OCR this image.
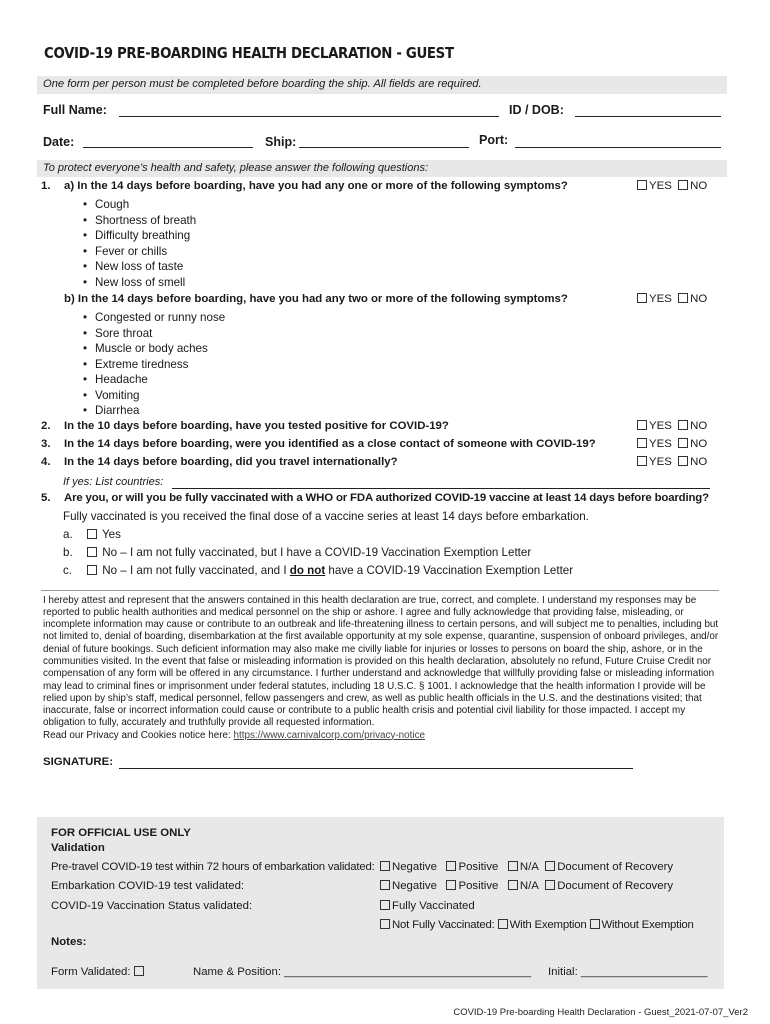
COVID-19 PRE-BOARDING HEALTH DECLARATION - GUEST
One form per person must be completed before boarding the ship. All fields are required.
Full Name:	ID / DOB:
Date:	Ship:	Port:
To protect everyone’s health and safety, please answer the following questions:
1. a) In the 14 days before boarding, have you had any one or more of the following symptoms?	YES NO
• Cough
• Shortness of breath
• Difficulty breathing
• Fever or chills
• New loss of taste
• New loss of smell
b) In the 14 days before boarding, have you had any two or more of the following symptoms?	YES NO
• Congested or runny nose
• Sore throat
• Muscle or body aches
• Extreme tiredness
• Headache
• Vomiting
• Diarrhea
2. In the 10 days before boarding, have you tested positive for COVID-19?	YES NO
3. In the 14 days before boarding, were you identified as a close contact of someone with COVID-19?	YES NO
4. In the 14 days before boarding, did you travel internationally?	YES NO
If yes: List countries:
5. Are you, or will you be fully vaccinated with a WHO or FDA authorized COVID-19 vaccine at least 14 days before boarding?
Fully vaccinated is you received the final dose of a vaccine series at least 14 days before embarkation.
a.	Yes
b.	No – I am not fully vaccinated, but I have a COVID-19 Vaccination Exemption Letter
c.	No – I am not fully vaccinated, and I do not have a COVID-19 Vaccination Exemption Letter
I hereby attest and represent that the answers contained in this health declaration are true, correct, and complete. I understand my responses may be reported to public health authorities and medical personnel on the ship or ashore. I agree and fully acknowledge that providing false, misleading, or incomplete information may cause or contribute to an outbreak and life-threatening illness to certain persons, and will subject me to penalties, including but not limited to, denial of boarding, disembarkation at the first available opportunity at my sole expense, quarantine, suspension of onboard privileges, and/or denial of future bookings. Such deficient information may also make me civilly liable for injuries or losses to persons on board the ship, ashore, or in the communities visited. In the event that false or misleading information is provided on this health declaration, absolutely no refund, Future Cruise Credit nor compensation of any form will be offered in any circumstance. I further understand and acknowledge that willfully providing false or misleading information may lead to criminal fines or imprisonment under federal statutes, including 18 U.S.C. § 1001. I acknowledge that the health information I provide will be relied upon by ship’s staff, medical personnel, fellow passengers and crew, as well as public health officials in the U.S. and the destinations visited; that inaccurate, false or incorrect information could cause or contribute to a public health crisis and potential civil liability for those impacted. I accept my obligation to fully, accurately and truthfully provide all requested information.
Read our Privacy and Cookies notice here: https://www.carnivalcorp.com/privacy-notice
SIGNATURE:
FOR OFFICIAL USE ONLY
Validation
Pre-travel COVID-19 test within 72 hours of embarkation validated:	Negative Positive N/A Document of Recovery
Embarkation COVID-19 test validated:	Negative Positive N/A Document of Recovery
COVID-19 Vaccination Status validated:	Fully Vaccinated
Not Fully Vaccinated: With Exemption Without Exemption
Notes:
Form Validated:	Name & Position: _______________________________________ Initial: ____________________
COVID-19 Pre-boarding Health Declaration - Guest_2021-07-07_Ver2
